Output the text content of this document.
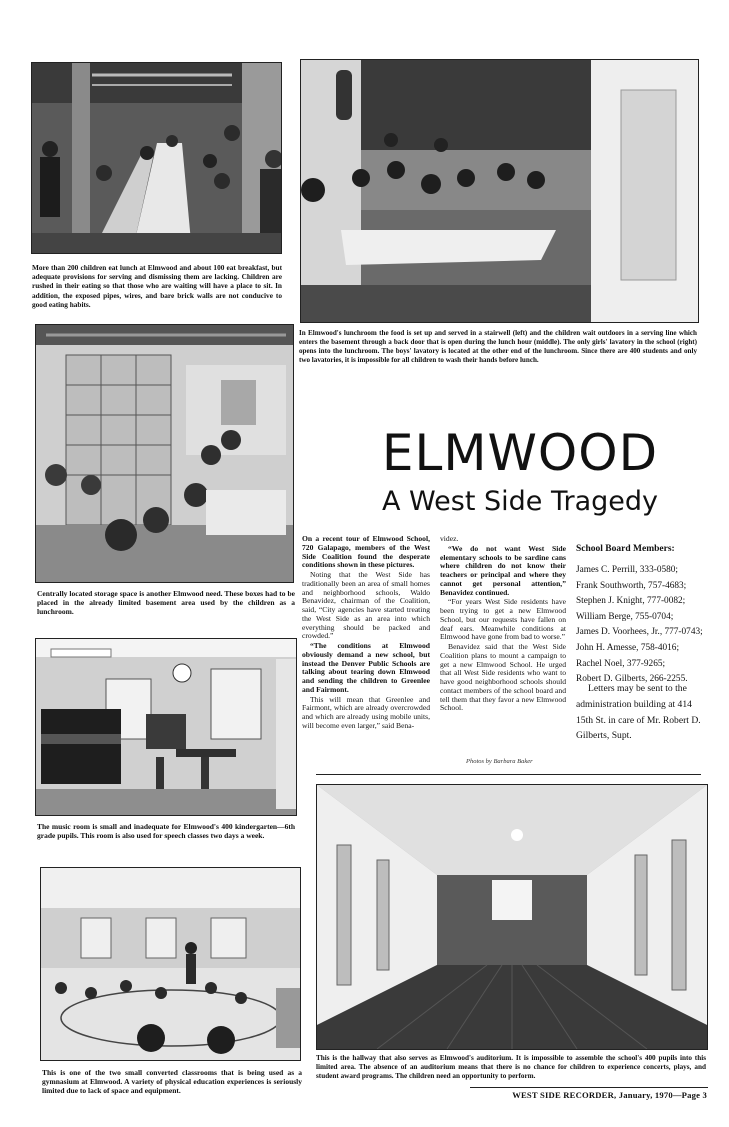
More than 200 children eat lunch at Elmwood and about 100 eat breakfast, but adequate provisions for serving and dismissing them are lacking. Children are rushed in their eating so that those who are waiting will have a place to sit. In addition, the exposed pipes, wires, and bare brick walls are not conducive to good eating habits.
In Elmwood's lunchroom the food is set up and served in a stairwell (left) and the children wait outdoors in a serving line which enters the basement through a back door that is open during the lunch hour (middle). The only girls' lavatory in the school (right) opens into the lunchroom. The boys' lavatory is located at the other end of the lunchroom. Since there are 400 students and only two lavatories, it is impossible for all children to wash their hands before lunch.
Centrally located storage space is another Elmwood need. These boxes had to be placed in the already limited basement area used by the children as a lunchroom.
ELMWOOD
A West Side Tragedy

On a recent tour of Elmwood School, 720 Galapago, members of the West Side Coalition found the desperate conditions shown in these pictures.

Noting that the West Side has traditionally been an area of small homes and neighborhood schools, Waldo Benavidez, chairman of the Coalition, said, “City agencies have started treating the West Side as an area into which everything should be packed and crowded.”

“The conditions at Elmwood obviously demand a new school, but instead the Denver Public Schools are talking about tearing down Elmwood and sending the children to Greenlee and Fairmont.

This will mean that Greenlee and Fairmont, which are already overcrowded and which are already using mobile units, will become even larger,” said Bena-

videz.

“We do not want West Side elementary schools to be sardine cans where children do not know their teachers or principal and where they cannot get personal attention,” Benavidez continued.

“For years West Side residents have been trying to get a new Elmwood School, but our requests have fallen on deaf ears. Meanwhile conditions at Elmwood have gone from bad to worse.”

Benavidez said that the West Side Coalition plans to mount a campaign to get a new Elmwood School. He urged that all West Side residents who want to have good neighborhood schools should contact members of the school board and tell them that they favor a new Elmwood School.

School Board Members:
James C. Perrill, 333-0580;
Frank Southworth, 757-4683;
Stephen J. Knight, 777-0082;
William Berge, 755-0704;
James D. Voorhees, Jr., 777-0743;
John H. Amesse, 758-4016;
Rachel Noel, 377-9265;
Robert D. Gilberts, 266-2255.
Letters may be sent to the administration building at 414 15th St. in care of Mr. Robert D. Gilberts, Supt.
Photos by Barbara Baker
The music room is small and inadequate for Elmwood's 400 kindergarten—6th grade pupils. This room is also used for speech classes two days a week.
This is one of the two small converted classrooms that is being used as a gymnasium at Elmwood. A variety of physical education experiences is seriously limited due to lack of space and equipment.
This is the hallway that also serves as Elmwood's auditorium. It is impossible to assemble the school's 400 pupils into this limited area. The absence of an auditorium means that there is no chance for children to experience concerts, plays, and student award programs. The children need an opportunity to perform.
WEST SIDE RECORDER, January, 1970—Page 3
